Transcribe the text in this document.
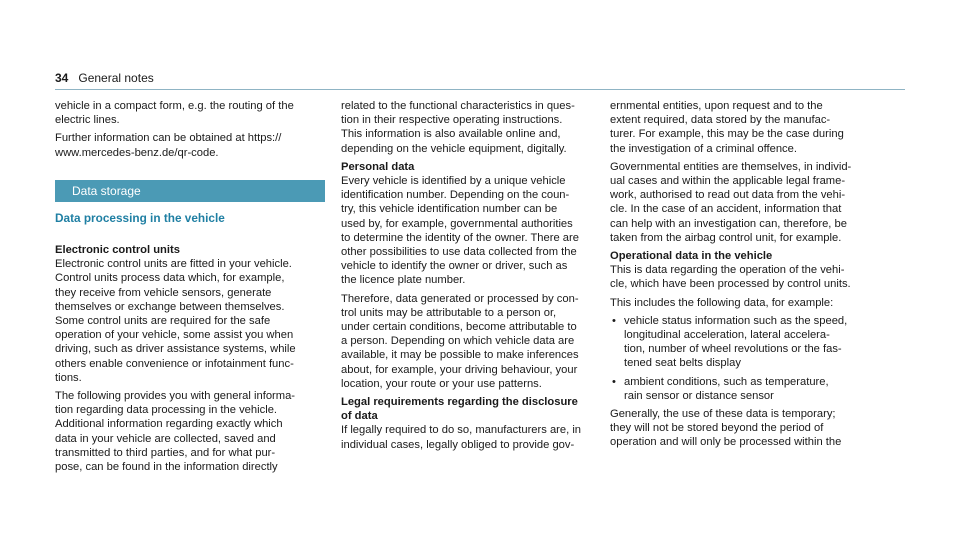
34 General notes

vehicle in a compact form, e.g. the routing of the
electric lines.

Further information can be obtained at https://
www.mercedes-benz.de/qr-code.

Data storage
Data processing in the vehicle
Electronic control units

Electronic control units are fitted in your vehicle.
Control units process data which, for example,
they receive from vehicle sensors, generate
themselves or exchange between themselves.
Some control units are required for the safe
operation of your vehicle, some assist you when
driving, such as driver assistance systems, while
others enable convenience or infotainment func-
tions.

The following provides you with general informa-
tion regarding data processing in the vehicle.
Additional information regarding exactly which
data in your vehicle are collected, saved and
transmitted to third parties, and for what pur-
pose, can be found in the information directly

related to the functional characteristics in ques-
tion in their respective operating instructions.
This information is also available online and,
depending on the vehicle equipment, digitally.

Personal data

Every vehicle is identified by a unique vehicle
identification number. Depending on the coun-
try, this vehicle identification number can be
used by, for example, governmental authorities
to determine the identity of the owner. There are
other possibilities to use data collected from the
vehicle to identify the owner or driver, such as
the licence plate number.

Therefore, data generated or processed by con-
trol units may be attributable to a person or,
under certain conditions, become attributable to
a person. Depending on which vehicle data are
available, it may be possible to make inferences
about, for example, your driving behaviour, your
location, your route or your use patterns.

Legal requirements regarding the disclosure
of data

If legally required to do so, manufacturers are, in
individual cases, legally obliged to provide gov-

ernmental entities, upon request and to the
extent required, data stored by the manufac-
turer. For example, this may be the case during
the investigation of a criminal offence.

Governmental entities are themselves, in individ-
ual cases and within the applicable legal frame-
work, authorised to read out data from the vehi-
cle. In the case of an accident, information that
can help with an investigation can, therefore, be
taken from the airbag control unit, for example.

Operational data in the vehicle

This is data regarding the operation of the vehi-
cle, which have been processed by control units.

This includes the following data, for example:

• vehicle status information such as the speed,
longitudinal acceleration, lateral accelera-
tion, number of wheel revolutions or the fas-
tened seat belts display
• ambient conditions, such as temperature,
rain sensor or distance sensor

Generally, the use of these data is temporary;
they will not be stored beyond the period of
operation and will only be processed within the
